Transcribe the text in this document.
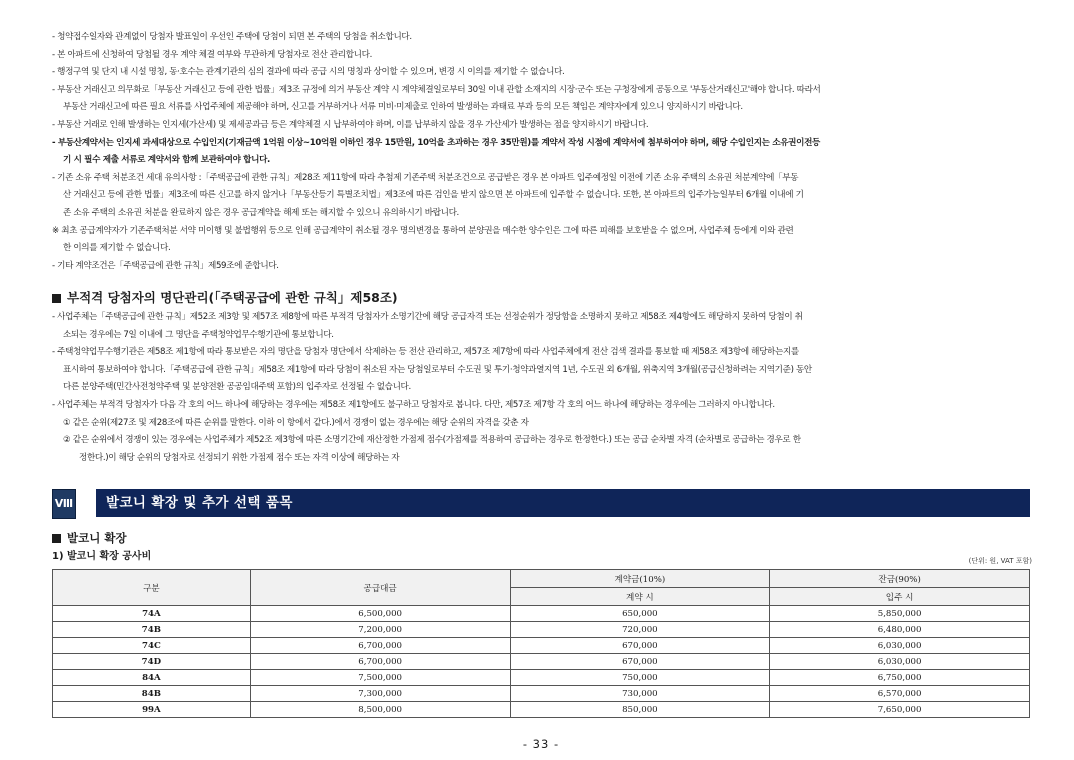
- 청약접수일자와 관계없이 당첨자 발표일이 우선인 주택에 당첨이 되면 본 주택의 당첨을 취소합니다.
- 본 아파트에 신청하여 당첨될 경우 계약 체결 여부와 무관하게 당첨자로 전산 관리합니다.
- 행정구역 및 단지 내 시설 명칭, 동·호수는 관계기관의 심의 결과에 따라 공급 시의 명칭과 상이할 수 있으며, 변경 시 이의를 제기할 수 없습니다.
- 부동산 거래신고 의무화로「부동산 거래신고 등에 관한 법률」제3조 규정에 의거 부동산 계약 시 계약체결일로부터 30일 이내 관할 소재지의 시장·군수 또는 구청장에게 공동으로 '부동산거래신고'해야 합니다. 따라서
부동산 거래신고에 따른 필요 서류를 사업주체에 제공해야 하며, 신고를 거부하거나 서류 미비·미제출로 인하여 발생하는 과태료 부과 등의 모든 책임은 계약자에게 있으니 양지하시기 바랍니다.
- 부동산 거래로 인해 발생하는 인지세(가산세) 및 제세공과금 등은 계약체결 시 납부하여야 하며, 이를 납부하지 않을 경우 가산세가 발생하는 점을 양지하시기 바랍니다.
- 부동산계약서는 인지세 과세대상으로 수입인지(기재금액 1억원 이상~10억원 이하인 경우 15만원, 10억을 초과하는 경우 35만원)를 계약서 작성 시점에 계약서에 첨부하여야 하며, 해당 수입인지는 소유권이전등
기 시 필수 제출 서류로 계약서와 함께 보관하여야 합니다.
- 기존 소유 주택 처분조건 세대 유의사항 :「주택공급에 관한 규칙」제28조 제11항에 따라 추첨제 기존주택 처분조건으로 공급받은 경우 본 아파트 입주예정일 이전에 기존 소유 주택의 소유권 처분계약에「부동
산 거래신고 등에 관한 법률」제3조에 따른 신고를 하지 않거나「부동산등기 특별조치법」제3조에 따른 검인을 받지 않으면 본 아파트에 입주할 수 없습니다. 또한, 본 아파트의 입주가능일부터 6개월 이내에 기
존 소유 주택의 소유권 처분을 완료하지 않은 경우 공급계약을 해제 또는 해지할 수 있으니 유의하시기 바랍니다.
※ 최초 공급계약자가 기존주택처분 서약 미이행 및 불법행위 등으로 인해 공급계약이 취소될 경우 명의변경을 통하여 분양권을 매수한 양수인은 그에 따른 피해를 보호받을 수 없으며, 사업주체 등에게 이와 관련
한 이의를 제기할 수 없습니다.
- 기타 계약조건은「주택공급에 관한 규칙」제59조에 준합니다.
부적격 당첨자의 명단관리(「주택공급에 관한 규칙」제58조)
- 사업주체는「주택공급에 관한 규칙」제52조 제3항 및 제57조 제8항에 따른 부적격 당첨자가 소명기간에 해당 공급자격 또는 선정순위가 정당함을 소명하지 못하고 제58조 제4항에도 해당하지 못하여 당첨이 취
소되는 경우에는 7일 이내에 그 명단을 주택청약업무수행기관에 통보합니다.
- 주택청약업무수행기관은 제58조 제1항에 따라 통보받은 자의 명단을 당첨자 명단에서 삭제하는 등 전산 관리하고, 제57조 제7항에 따라 사업주체에게 전산 검색 결과를 통보할 때 제58조 제3항에 해당하는지를
표시하여 통보하여야 합니다.「주택공급에 관한 규칙」제58조 제1항에 따라 당첨이 취소된 자는 당첨일로부터 수도권 및 투기·청약과열지역 1년, 수도권 외 6개월, 위축지역 3개월(공급신청하려는 지역기준) 동안
다른 분양주택(민간사전청약주택 및 분양전환 공공임대주택 포함)의 입주자로 선정될 수 없습니다.
- 사업주체는 부적격 당첨자가 다음 각 호의 어느 하나에 해당하는 경우에는 제58조 제1항에도 불구하고 당첨자로 봅니다. 다만, 제57조 제7항 각 호의 어느 하나에 해당하는 경우에는 그러하지 아니합니다.
① 같은 순위(제27조 및 제28조에 따른 순위를 말한다. 이하 이 항에서 같다.)에서 경쟁이 없는 경우에는 해당 순위의 자격을 갖춘 자
② 같은 순위에서 경쟁이 있는 경우에는 사업주체가 제52조 제3항에 따른 소명기간에 재산정한 가점제 점수(가점제를 적용하여 공급하는 경우로 한정한다.) 또는 공급 순차별 자격 (순차별로 공급하는 경우로 한
정한다.)이 해당 순위의 당첨자로 선정되기 위한 가점제 점수 또는 자격 이상에 해당하는 자
Ⅷ	발코니 확장 및 추가 선택 품목
발코니 확장
1) 발코니 확장 공사비	(단위: 원, VAT 포함)
구분	공급대금	계약금(10%)	잔금(90%)
		계약 시	입주 시
74A	6,500,000	650,000	5,850,000
74B	7,200,000	720,000	6,480,000
74C	6,700,000	670,000	6,030,000
74D	6,700,000	670,000	6,030,000
84A	7,500,000	750,000	6,750,000
84B	7,300,000	730,000	6,570,000
99A	8,500,000	850,000	7,650,000
- 33 -
